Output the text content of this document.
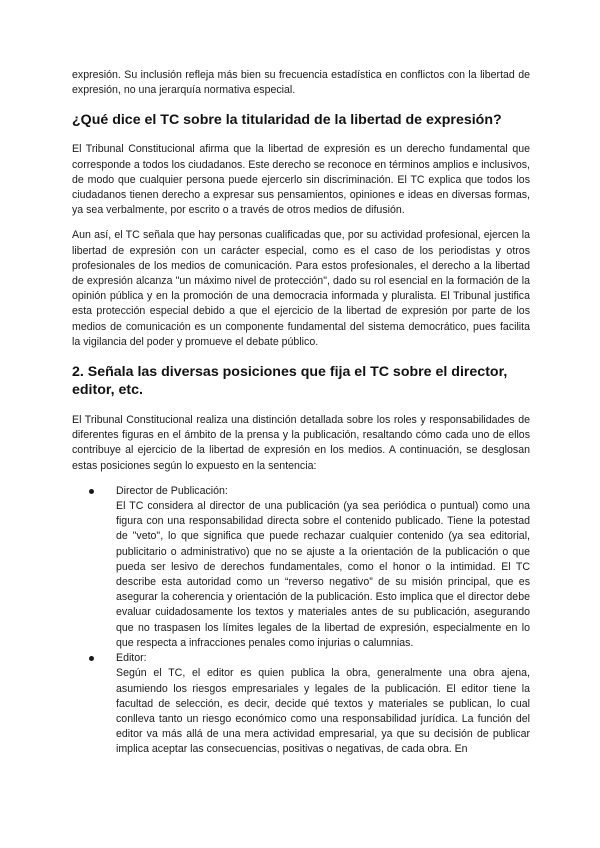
expresión. Su inclusión refleja más bien su frecuencia estadística en conflictos con la libertad de expresión, no una jerarquía normativa especial.

¿Qué dice el TC sobre la titularidad de la libertad de expresión?

El Tribunal Constitucional afirma que la libertad de expresión es un derecho fundamental que corresponde a todos los ciudadanos. Este derecho se reconoce en términos amplios e inclusivos, de modo que cualquier persona puede ejercerlo sin discriminación. El TC explica que todos los ciudadanos tienen derecho a expresar sus pensamientos, opiniones e ideas en diversas formas, ya sea verbalmente, por escrito o a través de otros medios de difusión.

Aun así, el TC señala que hay personas cualificadas que, por su actividad profesional, ejercen la libertad de expresión con un carácter especial, como es el caso de los periodistas y otros profesionales de los medios de comunicación. Para estos profesionales, el derecho a la libertad de expresión alcanza "un máximo nivel de protección", dado su rol esencial en la formación de la opinión pública y en la promoción de una democracia informada y pluralista. El Tribunal justifica esta protección especial debido a que el ejercicio de la libertad de expresión por parte de los medios de comunicación es un componente fundamental del sistema democrático, pues facilita la vigilancia del poder y promueve el debate público.

2. Señala las diversas posiciones que fija el TC sobre el director, editor, etc.

El Tribunal Constitucional realiza una distinción detallada sobre los roles y responsabilidades de diferentes figuras en el ámbito de la prensa y la publicación, resaltando cómo cada uno de ellos contribuye al ejercicio de la libertad de expresión en los medios. A continuación, se desglosan estas posiciones según lo expuesto en la sentencia:

Director de Publicación:

El TC considera al director de una publicación (ya sea periódica o puntual) como una figura con una responsabilidad directa sobre el contenido publicado. Tiene la potestad de "veto", lo que significa que puede rechazar cualquier contenido (ya sea editorial, publicitario o administrativo) que no se ajuste a la orientación de la publicación o que pueda ser lesivo de derechos fundamentales, como el honor o la intimidad. El TC describe esta autoridad como un “reverso negativo” de su misión principal, que es asegurar la coherencia y orientación de la publicación. Esto implica que el director debe evaluar cuidadosamente los textos y materiales antes de su publicación, asegurando que no traspasen los límites legales de la libertad de expresión, especialmente en lo que respecta a infracciones penales como injurias o calumnias.

Editor:

Según el TC, el editor es quien publica la obra, generalmente una obra ajena, asumiendo los riesgos empresariales y legales de la publicación. El editor tiene la facultad de selección, es decir, decide qué textos y materiales se publican, lo cual conlleva tanto un riesgo económico como una responsabilidad jurídica. La función del editor va más allá de una mera actividad empresarial, ya que su decisión de publicar implica aceptar las consecuencias, positivas o negativas, de cada obra. En
